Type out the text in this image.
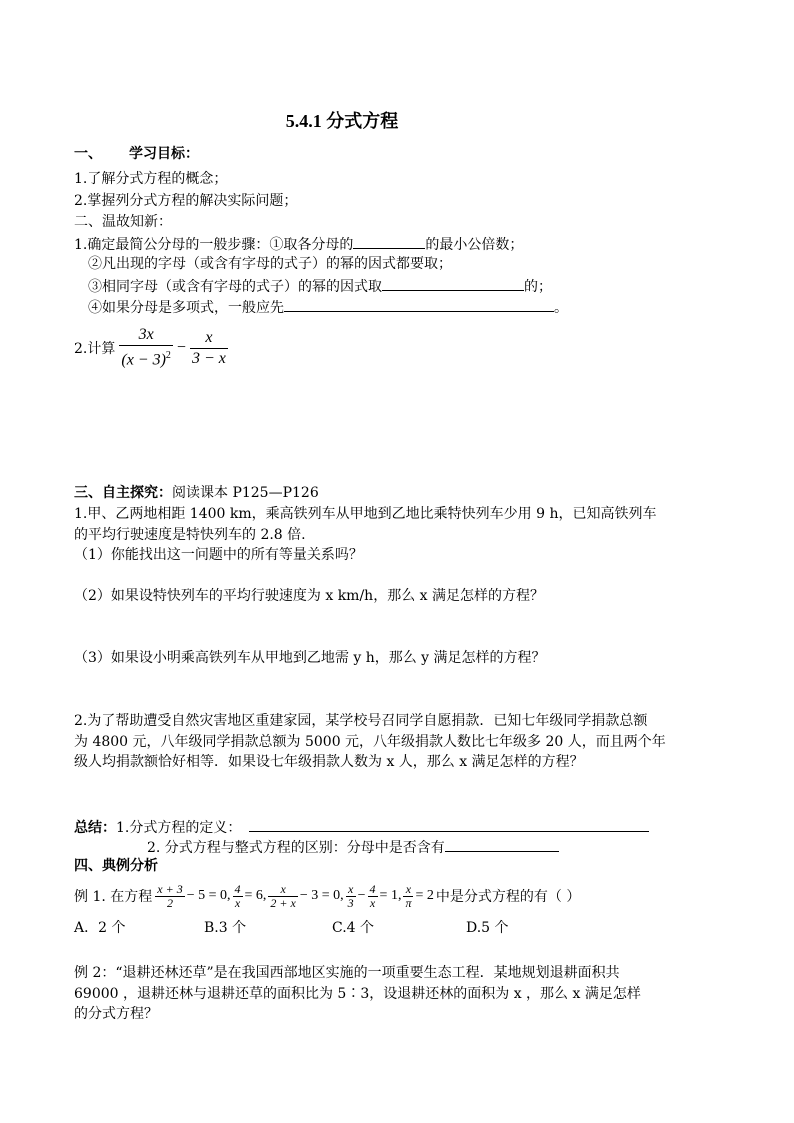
5.4.1 分式方程
一、 学习目标：
1.了解分式方程的概念；
2.掌握列分式方程的解决实际问题；
二、温故知新：
1.确定最简公分母的一般步骤：①取各分母的	的最小公倍数；
②凡出现的字母（或含有字母的式子）的幂的因式都要取；
③相同字母（或含有字母的式子）的幂的因式取	的；
④如果分母是多项式，一般应先	。
2.计算 $\frac{3x}{(x - 3)^2} - \frac{x}{3 - x}$
三、自主探究：阅读课本 P125—P126
1.甲、乙两地相距 1400 km，乘高铁列车从甲地到乙地比乘特快列车少用 9 h，已知高铁列车
的平均行驶速度是特快列车的 2.8 倍.
（1）你能找出这一问题中的所有等量关系吗？
（2）如果设特快列车的平均行驶速度为 x km/h，那么 x 满足怎样的方程？
（3）如果设小明乘高铁列车从甲地到乙地需 y h，那么 y 满足怎样的方程？
2.为了帮助遭受自然灾害地区重建家园，某学校号召同学自愿捐款．已知七年级同学捐款总额
为 4800 元，八年级同学捐款总额为 5000 元，八年级捐款人数比七年级多 20 人，而且两个年
级人均捐款额恰好相等．如果设七年级捐款人数为 x 人，那么 x 满足怎样的方程？
总结：1.分式方程的定义：
2. 分式方程与整式方程的区别：分母中是否含有
四、典例分析
例 1. 在方程 $\frac{x + 3}{2} - 5 = 0$, $\frac{4}{x} = 6$, $\frac{x}{2 + x} - 3 = 0$, $\frac{x}{3} - \frac{4}{x} = 1$, $\frac{x}{\pi} = 2$ 中是分式方程的有（ ）
A．2 个	B.3 个	C.4 个	D.5 个
例 2：“退耕还林还草”是在我国西部地区实施的一项重要生态工程．某地规划退耕面积共
69000 ，退耕还林与退耕还草的面积比为 5∶3，设退耕还林的面积为 x ，那么 x 满足怎样
的分式方程？
